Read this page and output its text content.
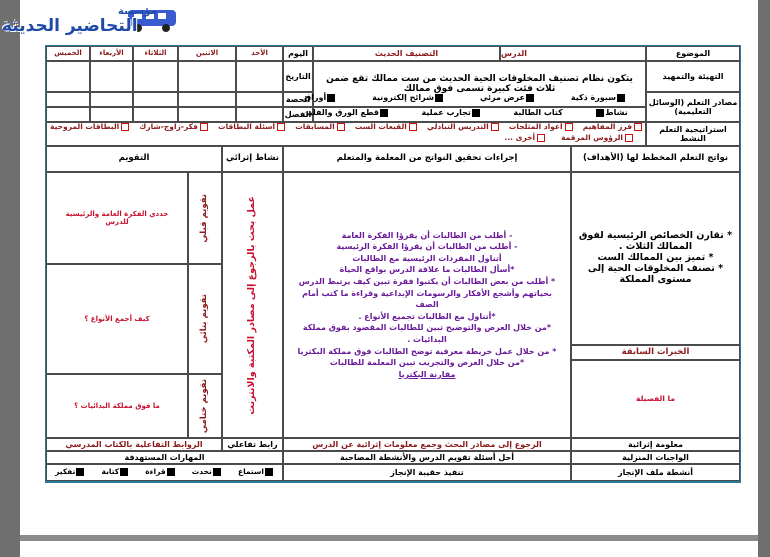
مؤسسة
التحاضير الحديثة
الموضوع
الدرس
التصنيف الحديث
اليوم
الأحد
الاثنين
الثلاثاء
الأربعاء
الخميس
التهيئة والتمهيد
يتكون نظام تصنيف المخلوقات الحية الحديث من ست ممالك تقع ضمن ثلاث فئت كبيرة تسمى فوق ممالك
التاريخ
الحصة	مصادر التعلم (الوسائل التعليمية)
الفصل
سبورة ذكية
عرض مرئي
شرائح إلكترونية
أوراق
نشاط
كتاب الطالبة
تجارب عملية
قطع الورق والفلين
استراتيجية التعلم النشط
فرز المفاهيم
أعواد المثلجات
التدريس التبادلي
القبعات الست
المسابقات
أسئلة البطاقات
فكر-زاوج-شارك
البطاقات المروحية
الرؤوس المرقمة
أخرى ...
نواتج التعلم المخطط لها (الأهداف)
إجراءات تحقيق النواتج من المعلمة والمتعلم
نشاط إثرائي
التقويم
* تقارن الخصائص الرئيسية لفوق الممالك الثلاث .
* تميز بين الممالك الست
* تصنف المخلوقات الحية إلى مستوى المملكة
الخبرات السابقة
ما الفصيلة
- أطلب من الطالبات أن يقرؤا الفكرة العامة
- أطلب من الطالبات أن يقرؤا الفكرة الرئيسية
أتناول المفردات الرئيسية مع الطالبات
*أسأل الطالبات ما علاقة الدرس بواقع الحياة
* أطلب من بعض الطالبات أن يكتبوا فقرة تبين كيف يرتبط الدرس بحياتهم وأشجع الأفكار والرسومات الإبداعية وقراءة ما كتب أمام الصف
*أتناول مع الطالبات تجميع الأنواع .
*من خلال العرض والتوضيح تبين للطالبات المقصود بفوق مملكة البدائيات .
* من خلال عمل خريطة معرفية توضح الطالبات فوق مملكة البكتريا
*من خلال العرض والتجريب تبين المعلمة للطالبات
مقارنة البكتريا
عمل بحث بالرجوع إلى مصادر المكتبة والانترنت
تقويم قبلي
حددي الفكرة العامة والرئيسية للدرس
تقويم بنائي
كيف أجمع الأنواع ؟
تقويم ختامي
ما فوق مملكة البدائيات ؟
معلومة إثرائية
الرجوع إلى مصادر البحث وجمع معلومات إثرائية عن الدرس
رابط تفاعلي
الروابط التفاعلية بالكتاب المدرسي
الواجبات المنزلية
أحل أسئلة تقويم الدرس والأنشطة المصاحبة
المهارات المستهدفة
أنشطة ملف الإنجاز
تنفيذ حقيبة الإنجاز
استماع
تحدث
قراءة
كتابة
تفكير
